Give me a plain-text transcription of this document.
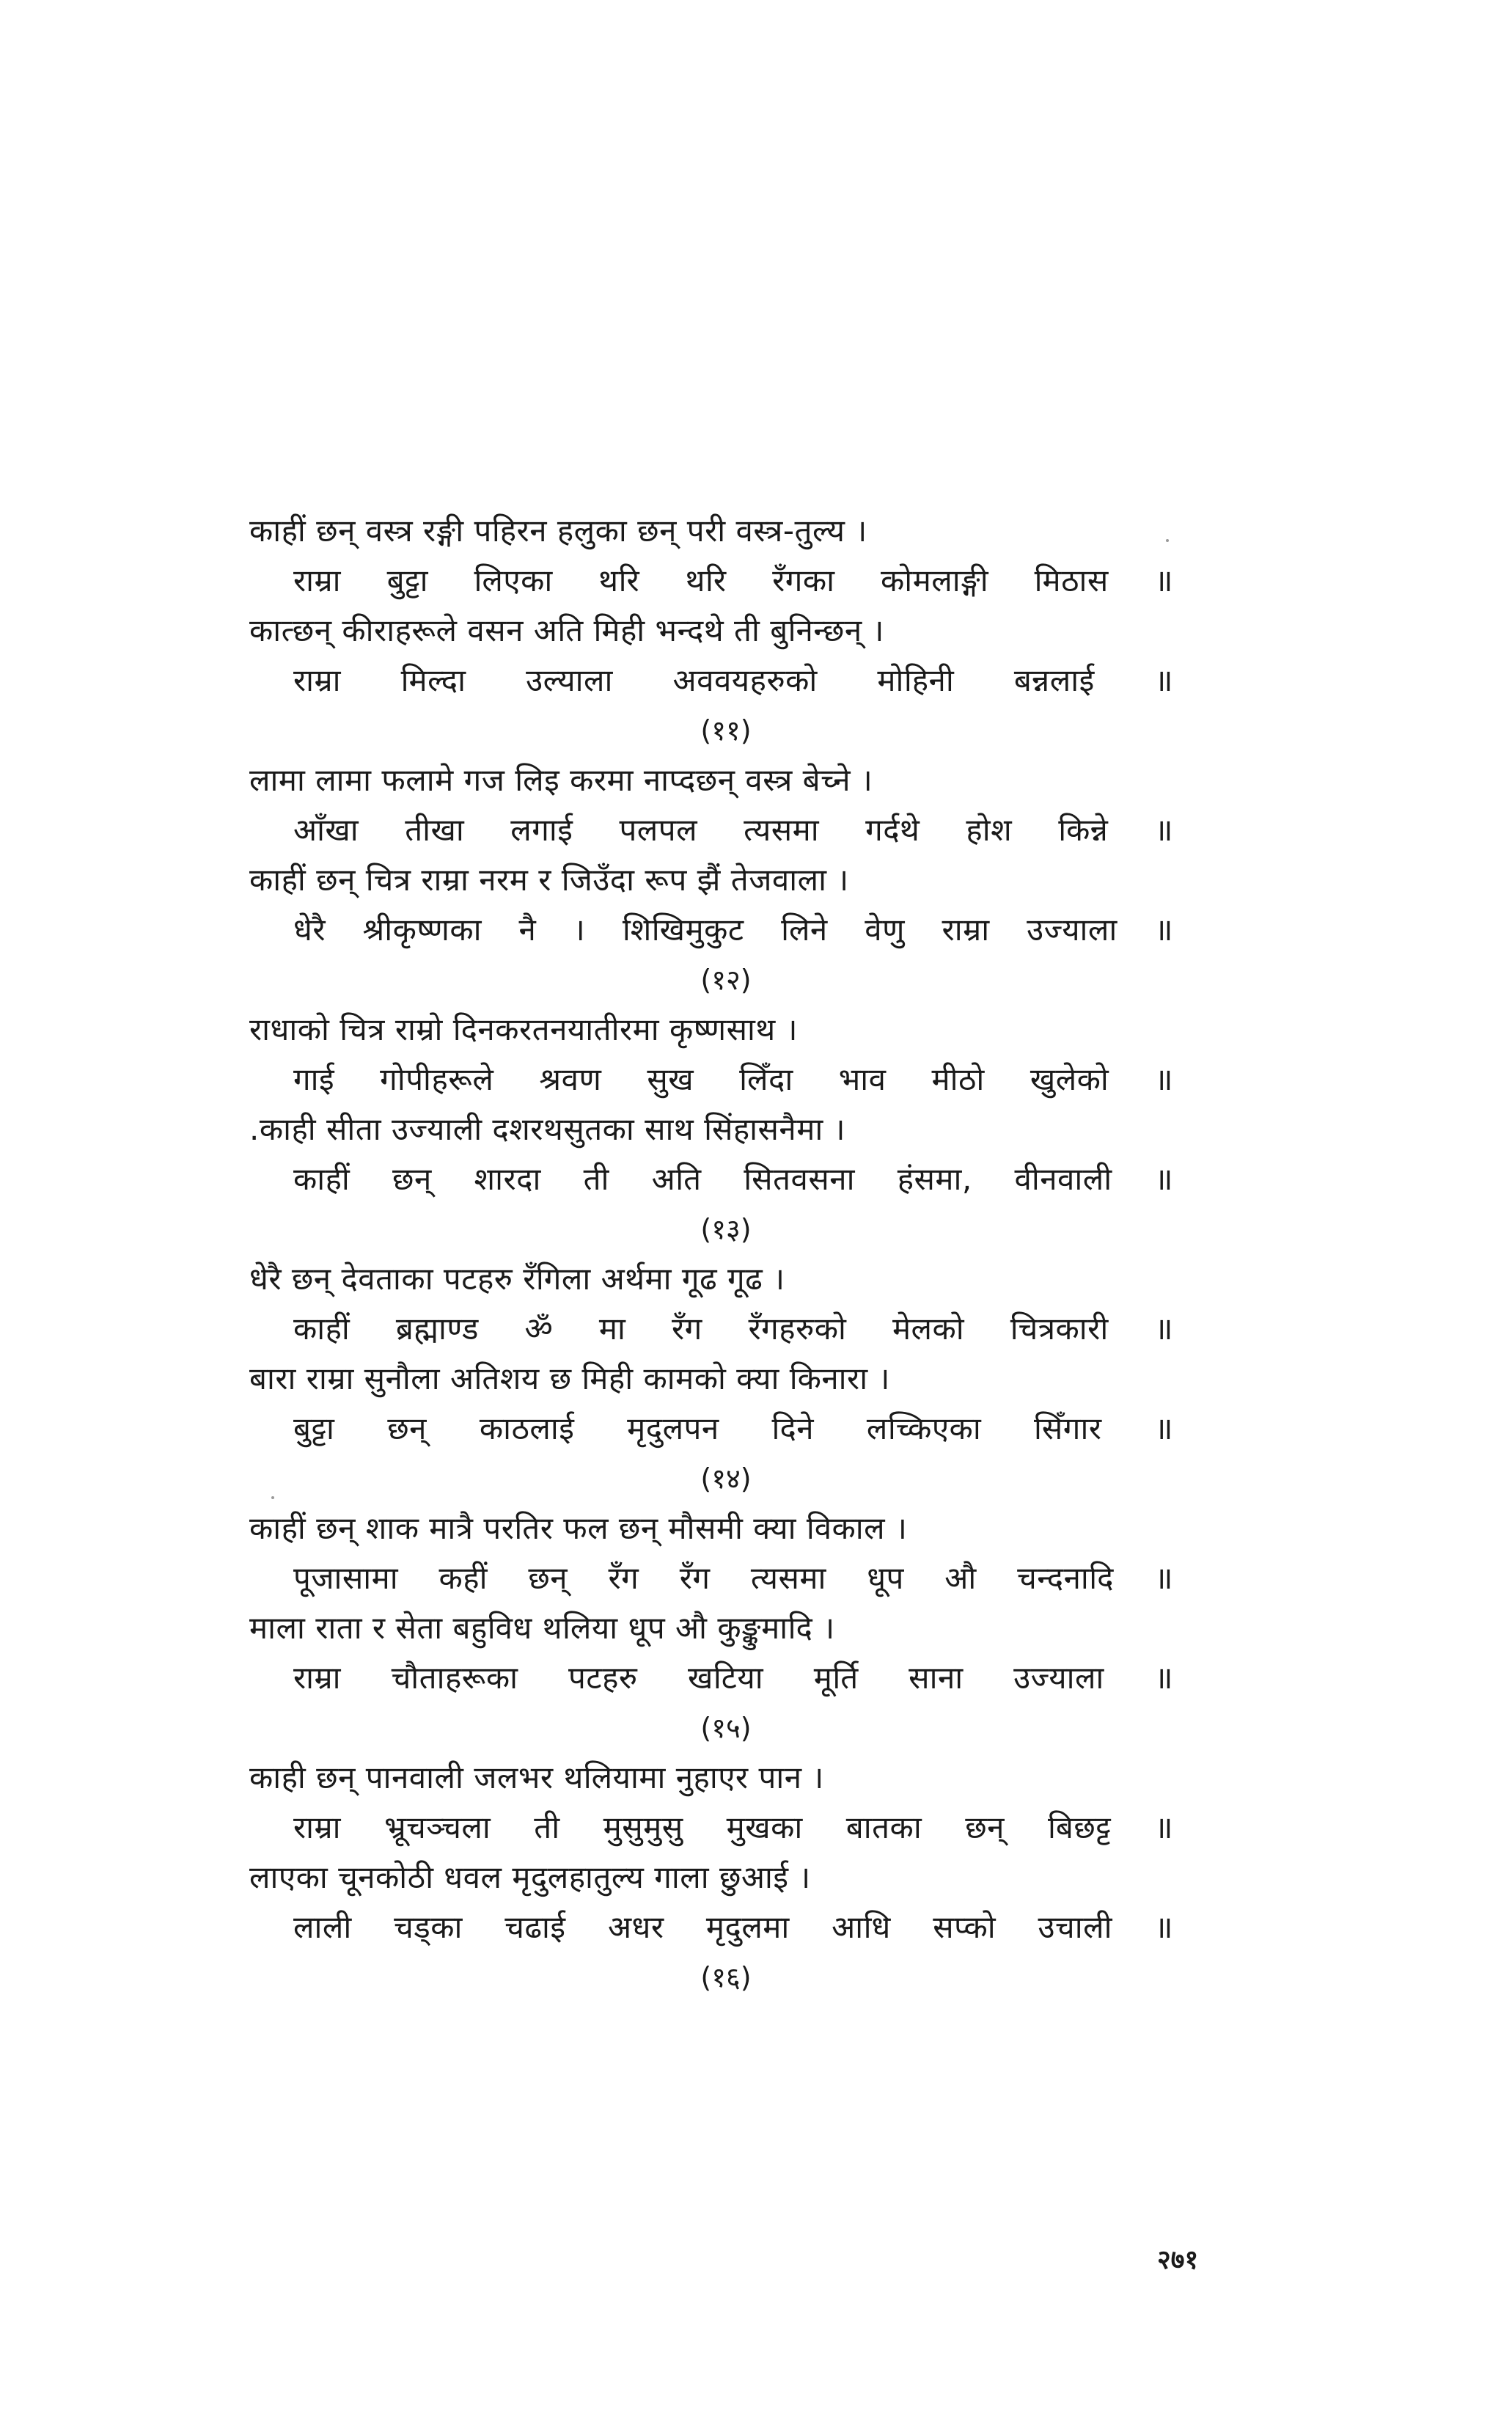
काहीं छन् वस्त्र रङ्गी पहिरन हलुका छन् परी वस्त्र-तुल्य ।
राम्रा बुट्टा लिएका थरि थरि रँगका कोमलाङ्गी मिठास ॥
कात्छन् कीराहरूले वसन अति मिही भन्दथे ती बुनिन्छन् ।
राम्रा मिल्दा उल्याला अववयहरुको मोहिनी बन्नलाई ॥
(११)
लामा लामा फलामे गज लिइ करमा नाप्दछन् वस्त्र बेच्ने ।
आँखा तीखा लगाई पलपल त्यसमा गर्दथे होश किन्ने ॥
काहीं छन् चित्र राम्रा नरम र जिउँदा रूप झैं तेजवाला ।
धेरै श्रीकृष्णका नै । शिखिमुकुट लिने वेणु राम्रा उज्याला ॥
(१२)
राधाको चित्र राम्रो दिनकरतनयातीरमा कृष्णसाथ ।
गाई गोपीहरूले श्रवण सुख लिँदा भाव मीठो खुलेको ॥
.काही सीता उज्याली दशरथसुतका साथ सिंहासनैमा ।
काहीं छन् शारदा ती अति सितवसना हंसमा, वीनवाली ॥
(१३)
धेरै छन् देवताका पटहरु रँगिला अर्थमा गूढ गूढ ।
काहीं ब्रह्माण्ड ॐ मा रँग रँगहरुको मेलको चित्रकारी ॥
बारा राम्रा सुनौला अतिशय छ मिही कामको क्या किनारा ।
बुट्टा छन् काठलाई मृदुलपन दिने लच्किएका सिँगार ॥
(१४)
काहीं छन् शाक मात्रै परतिर फल छन् मौसमी क्या विकाल ।
पूजासामा कहीं छन् रँग रँग त्यसमा धूप औ चन्दनादि ॥
माला राता र सेता बहुविध थलिया धूप औ कुङ्कुमादि ।
राम्रा चौताहरूका पटहरु खटिया मूर्ति साना उज्याला ॥
(१५)
काही छन् पानवाली जलभर थलियामा नुहाएर पान ।
राम्रा भ्रूचञ्चला ती मुसुमुसु मुखका बातका छन् बिछट्ट ॥
लाएका चूनकोठी धवल मृदुलहातुल्य गाला छुआई ।
लाली चड्का चढाई अधर मृदुलमा आधि सप्को उचाली ॥
(१६)
२७१
